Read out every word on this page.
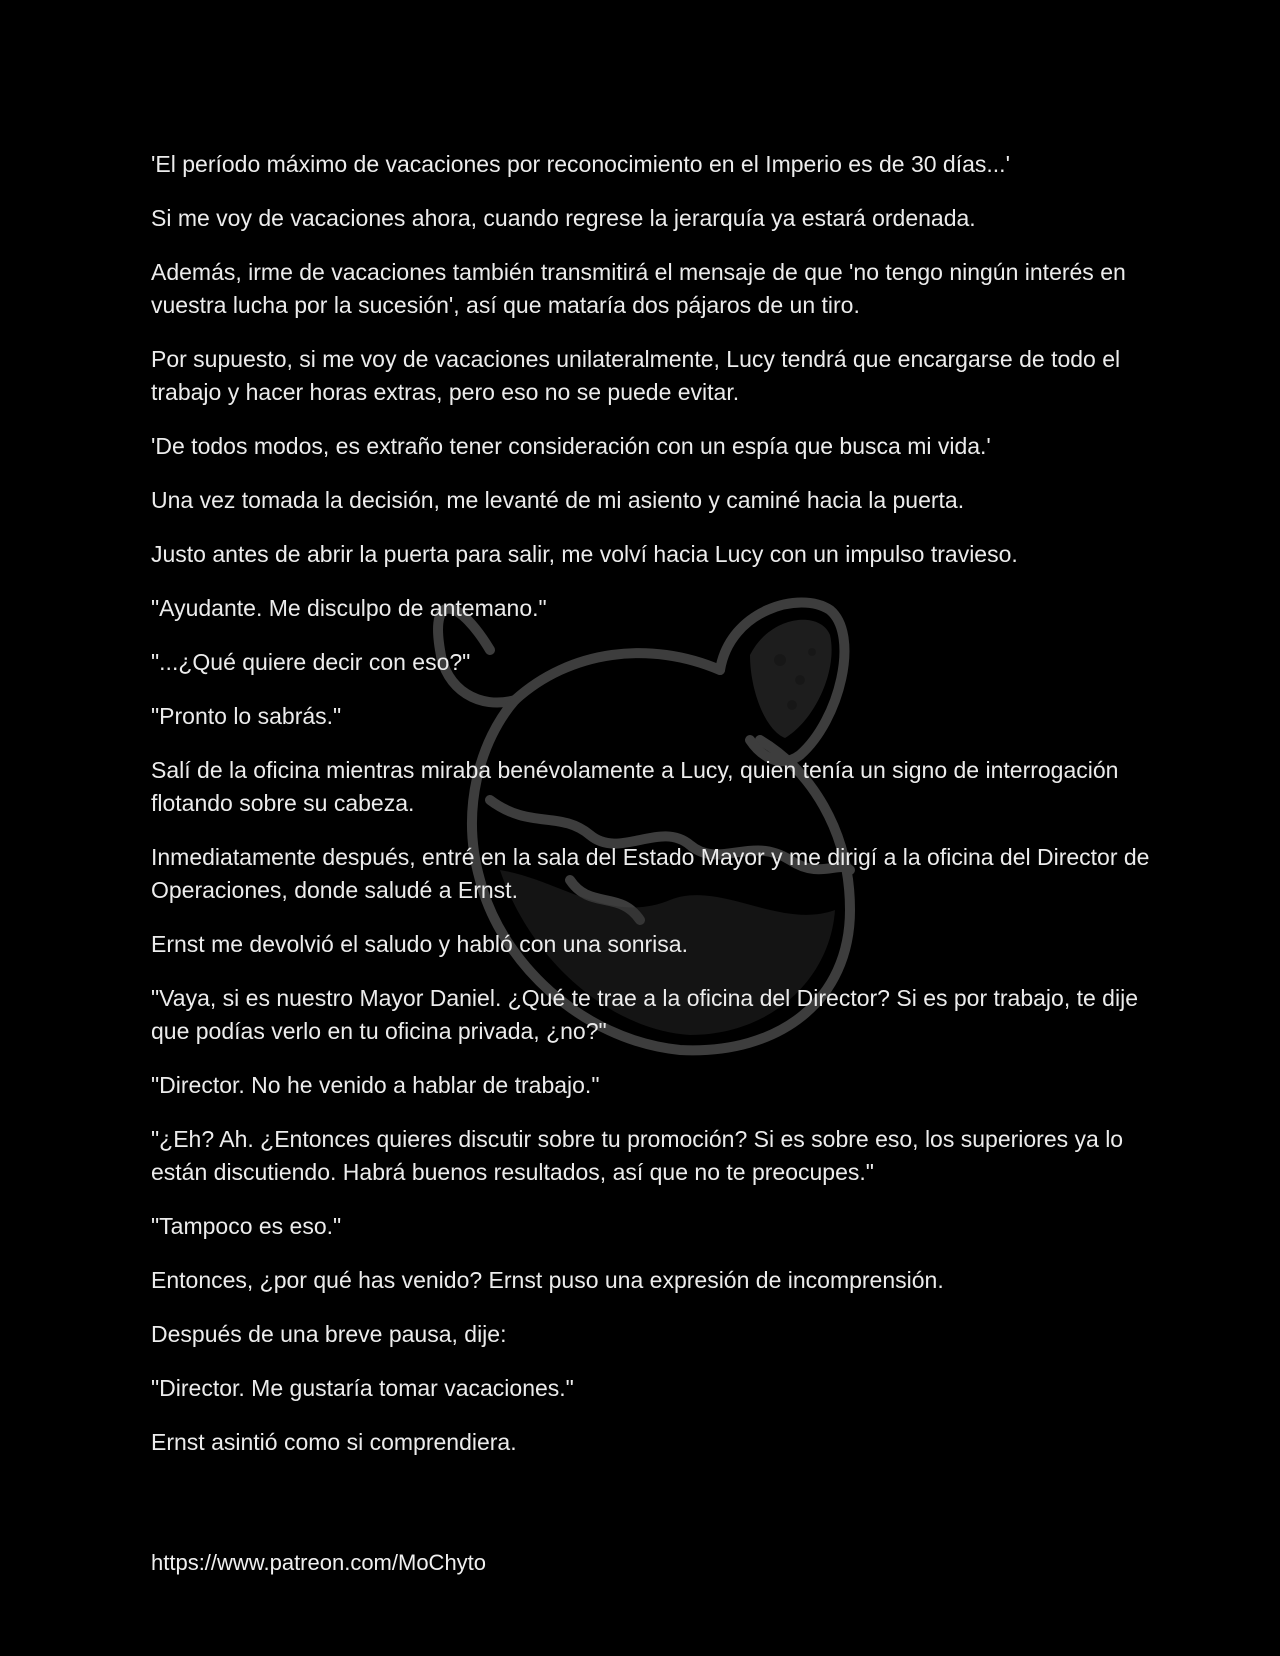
'El período máximo de vacaciones por reconocimiento en el Imperio es de 30 días...'

Si me voy de vacaciones ahora, cuando regrese la jerarquía ya estará ordenada.

Además, irme de vacaciones también transmitirá el mensaje de que 'no tengo ningún interés en vuestra lucha por la sucesión', así que mataría dos pájaros de un tiro.

Por supuesto, si me voy de vacaciones unilateralmente, Lucy tendrá que encargarse de todo el trabajo y hacer horas extras, pero eso no se puede evitar.

'De todos modos, es extraño tener consideración con un espía que busca mi vida.'

Una vez tomada la decisión, me levanté de mi asiento y caminé hacia la puerta.

Justo antes de abrir la puerta para salir, me volví hacia Lucy con un impulso travieso.

"Ayudante. Me disculpo de antemano."

"...¿Qué quiere decir con eso?"

"Pronto lo sabrás."

Salí de la oficina mientras miraba benévolamente a Lucy, quien tenía un signo de interrogación flotando sobre su cabeza.

Inmediatamente después, entré en la sala del Estado Mayor y me dirigí a la oficina del Director de Operaciones, donde saludé a Ernst.

Ernst me devolvió el saludo y habló con una sonrisa.

"Vaya, si es nuestro Mayor Daniel. ¿Qué te trae a la oficina del Director? Si es por trabajo, te dije que podías verlo en tu oficina privada, ¿no?"

"Director. No he venido a hablar de trabajo."

"¿Eh? Ah. ¿Entonces quieres discutir sobre tu promoción? Si es sobre eso, los superiores ya lo están discutiendo. Habrá buenos resultados, así que no te preocupes."

"Tampoco es eso."

Entonces, ¿por qué has venido? Ernst puso una expresión de incomprensión.

Después de una breve pausa, dije:

"Director. Me gustaría tomar vacaciones."

Ernst asintió como si comprendiera.

https://www.patreon.com/MoChyto
